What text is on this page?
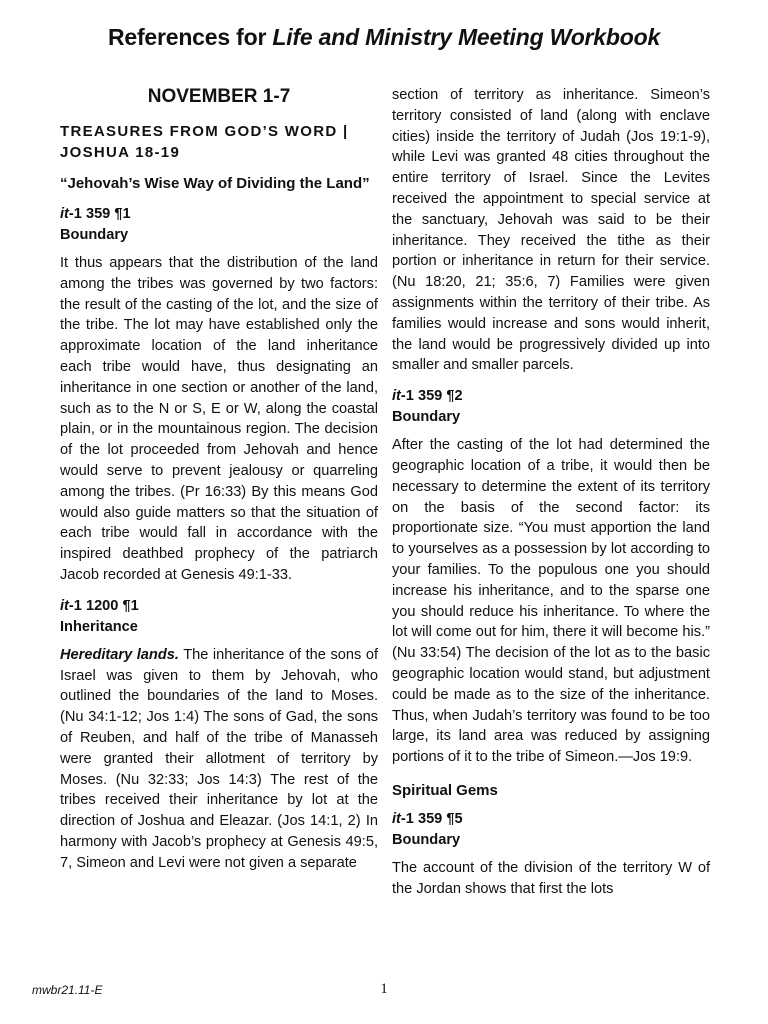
References for Life and Ministry Meeting Workbook
NOVEMBER 1-7
TREASURES FROM GOD’S WORD | JOSHUA 18-19
“Jehovah’s Wise Way of Dividing the Land”
it-1 359 ¶1
Boundary

It thus appears that the distribution of the land among the tribes was governed by two factors: the result of the casting of the lot, and the size of the tribe. The lot may have established only the approximate location of the land inheritance each tribe would have, thus designating an inheritance in one section or another of the land, such as to the N or S, E or W, along the coastal plain, or in the mountainous region. The decision of the lot proceeded from Jehovah and hence would serve to prevent jealousy or quarreling among the tribes. (Pr 16:33) By this means God would also guide matters so that the situation of each tribe would fall in accordance with the inspired deathbed prophecy of the patriarch Jacob recorded at Genesis 49:1-33.

it-1 1200 ¶1
Inheritance

Hereditary lands. The inheritance of the sons of Israel was given to them by Jehovah, who outlined the boundaries of the land to Moses. (Nu 34:1-12; Jos 1:4) The sons of Gad, the sons of Reuben, and half of the tribe of Manasseh were granted their allotment of territory by Moses. (Nu 32:33; Jos 14:3) The rest of the tribes received their inheritance by lot at the direction of Joshua and Eleazar. (Jos 14:1, 2) In harmony with Jacob’s prophecy at Genesis 49:5, 7, Simeon and Levi were not given a separate

section of territory as inheritance. Simeon’s territory consisted of land (along with enclave cities) inside the territory of Judah (Jos 19:1-9), while Levi was granted 48 cities throughout the entire territory of Israel. Since the Levites received the appointment to special service at the sanctuary, Jehovah was said to be their inheritance. They received the tithe as their portion or inheritance in return for their service. (Nu 18:20, 21; 35:6, 7) Families were given assignments within the territory of their tribe. As families would increase and sons would inherit, the land would be progressively divided up into smaller and smaller parcels.

it-1 359 ¶2
Boundary

After the casting of the lot had determined the geographic location of a tribe, it would then be necessary to determine the extent of its territory on the basis of the second factor: its proportionate size. “You must apportion the land to yourselves as a possession by lot according to your families. To the populous one you should increase his inheritance, and to the sparse one you should reduce his inheritance. To where the lot will come out for him, there it will become his.” (Nu 33:54) The decision of the lot as to the basic geographic location would stand, but adjustment could be made as to the size of the inheritance. Thus, when Judah’s territory was found to be too large, its land area was reduced by assigning portions of it to the tribe of Simeon.—Jos 19:9.

Spiritual Gems
it-1 359 ¶5
Boundary

The account of the division of the territory W of the Jordan shows that first the lots

mwbr21.11-E	1
